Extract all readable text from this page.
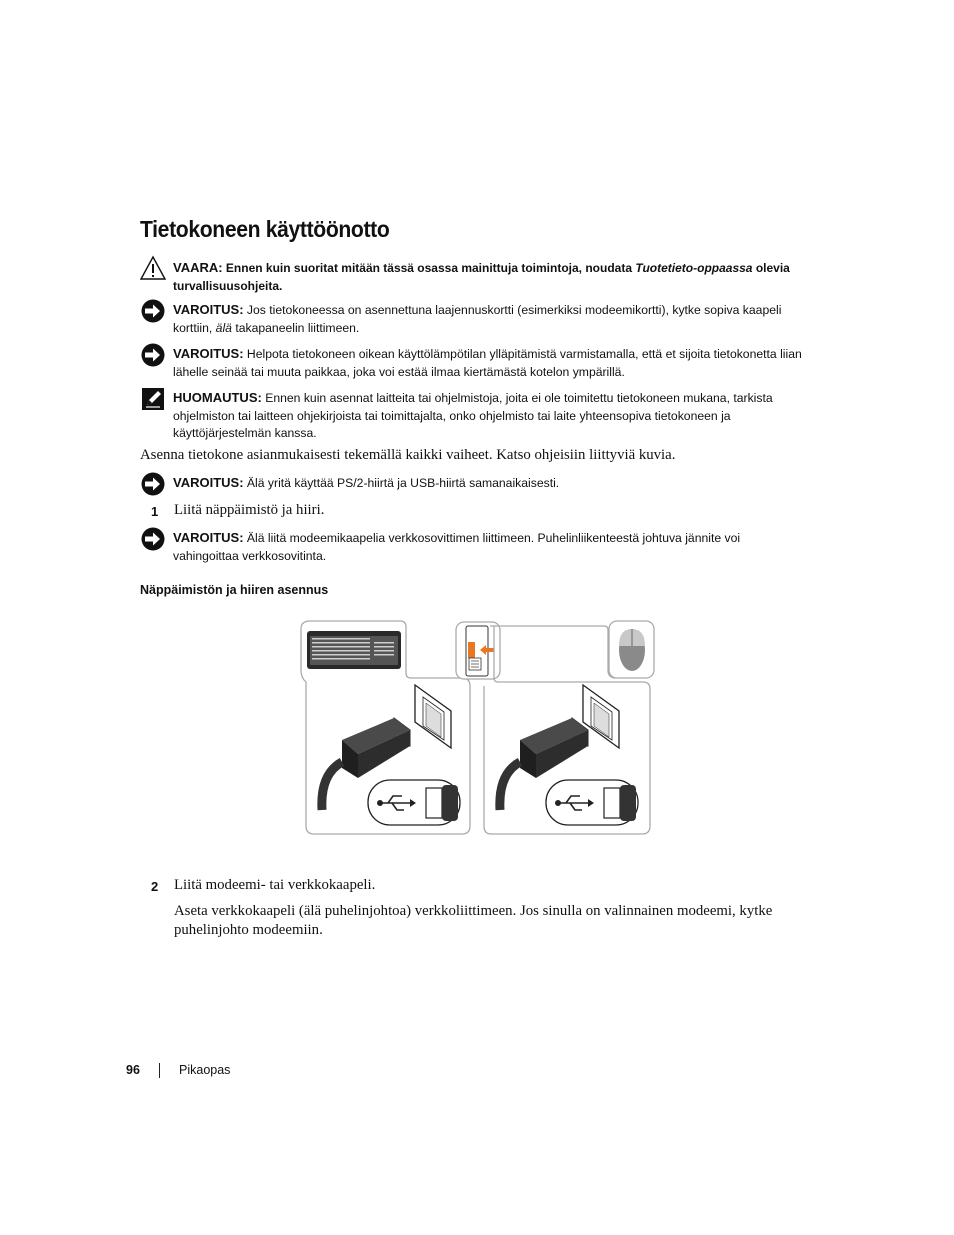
Tietokoneen käyttöönotto
VAARA: Ennen kuin suoritat mitään tässä osassa mainittuja toimintoja, noudata Tuotetieto-oppaassa olevia turvallisuusohjeita.
VAROITUS: Jos tietokoneessa on asennettuna laajennuskortti (esimerkiksi modeemikortti), kytke sopiva kaapeli korttiin, älä takapaneelin liittimeen.
VAROITUS: Helpota tietokoneen oikean käyttölämpötilan ylläpitämistä varmistamalla, että et sijoita tietokonetta liian lähelle seinää tai muuta paikkaa, joka voi estää ilmaa kiertämästä kotelon ympärillä.
HUOMAUTUS: Ennen kuin asennat laitteita tai ohjelmistoja, joita ei ole toimitettu tietokoneen mukana, tarkista ohjelmiston tai laitteen ohjekirjoista tai toimittajalta, onko ohjelmisto tai laite yhteensopiva tietokoneen ja käyttöjärjestelmän kanssa.
Asenna tietokone asianmukaisesti tekemällä kaikki vaiheet. Katso ohjeisiin liittyviä kuvia.
VAROITUS: Älä yritä käyttää PS/2-hiirtä ja USB-hiirtä samanaikaisesti.
1 Liitä näppäimistö ja hiiri.
VAROITUS: Älä liitä modeemikaapelia verkkosovittimen liittimeen. Puhelinliikenteestä johtuva jännite voi vahingoittaa verkkosovitinta.
Näppäimistön ja hiiren asennus
2 Liitä modeemi- tai verkkokaapeli.
Aseta verkkokaapeli (älä puhelinjohtoa) verkkoliittimeen. Jos sinulla on valinnainen modeemi, kytke puhelinjohto modeemiin.
96	Pikaopas
